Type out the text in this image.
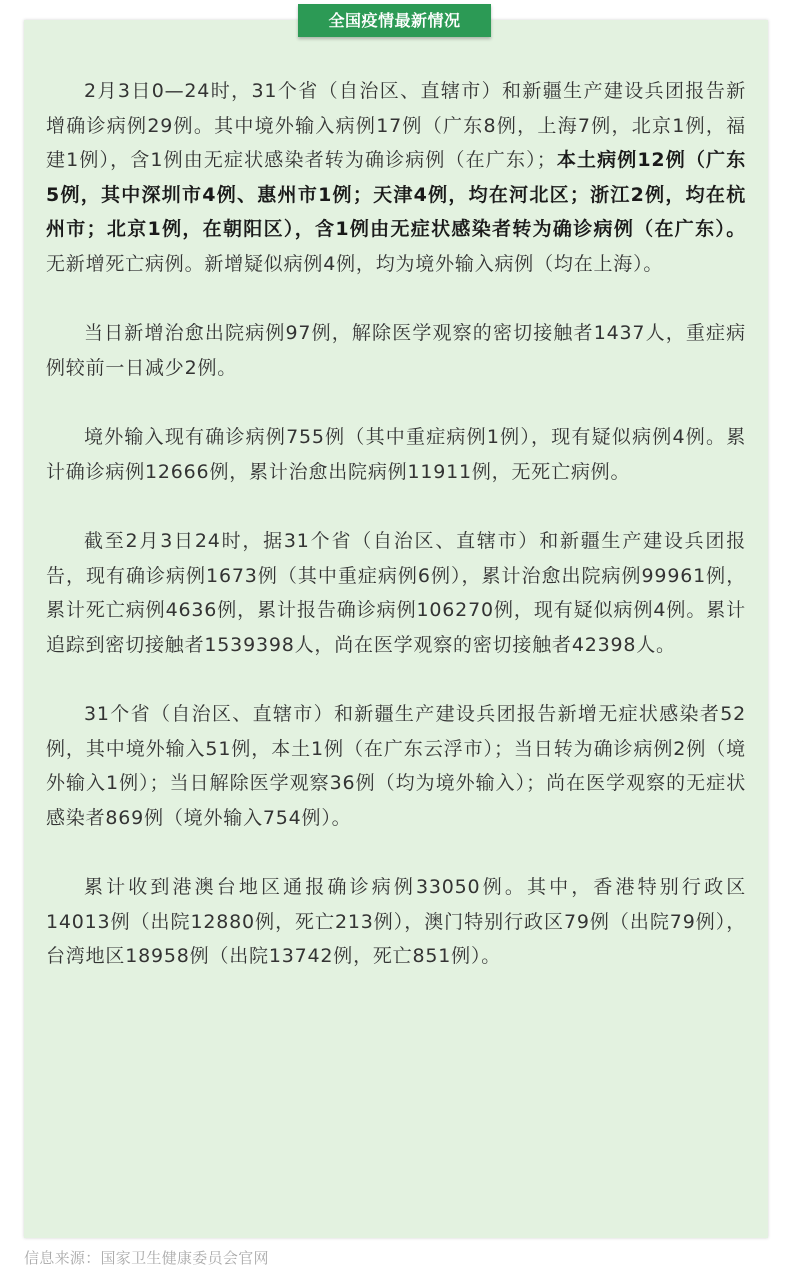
全国疫情最新情况

2月3日0—24时，31个省（自治区、直辖市）和新疆生产建设兵团报告新增确诊病例29例。其中境外输入病例17例（广东8例，上海7例，北京1例，福建1例），含1例由无症状感染者转为确诊病例（在广东）；本土病例12例（广东5例，其中深圳市4例、惠州市1例；天津4例，均在河北区；浙江2例，均在杭州市；北京1例，在朝阳区），含1例由无症状感染者转为确诊病例（在广东）。无新增死亡病例。新增疑似病例4例，均为境外输入病例（均在上海）。

当日新增治愈出院病例97例，解除医学观察的密切接触者1437人，重症病例较前一日减少2例。

境外输入现有确诊病例755例（其中重症病例1例），现有疑似病例4例。累计确诊病例12666例，累计治愈出院病例11911例，无死亡病例。

截至2月3日24时，据31个省（自治区、直辖市）和新疆生产建设兵团报告，现有确诊病例1673例（其中重症病例6例），累计治愈出院病例99961例，累计死亡病例4636例，累计报告确诊病例106270例，现有疑似病例4例。累计追踪到密切接触者1539398人，尚在医学观察的密切接触者42398人。

31个省（自治区、直辖市）和新疆生产建设兵团报告新增无症状感染者52例，其中境外输入51例，本土1例（在广东云浮市）；当日转为确诊病例2例（境外输入1例）；当日解除医学观察36例（均为境外输入）；尚在医学观察的无症状感染者869例（境外输入754例）。

累计收到港澳台地区通报确诊病例33050例。其中，香港特别行政区14013例（出院12880例，死亡213例），澳门特别行政区79例（出院79例），台湾地区18958例（出院13742例，死亡851例）。

信息来源：国家卫生健康委员会官网
